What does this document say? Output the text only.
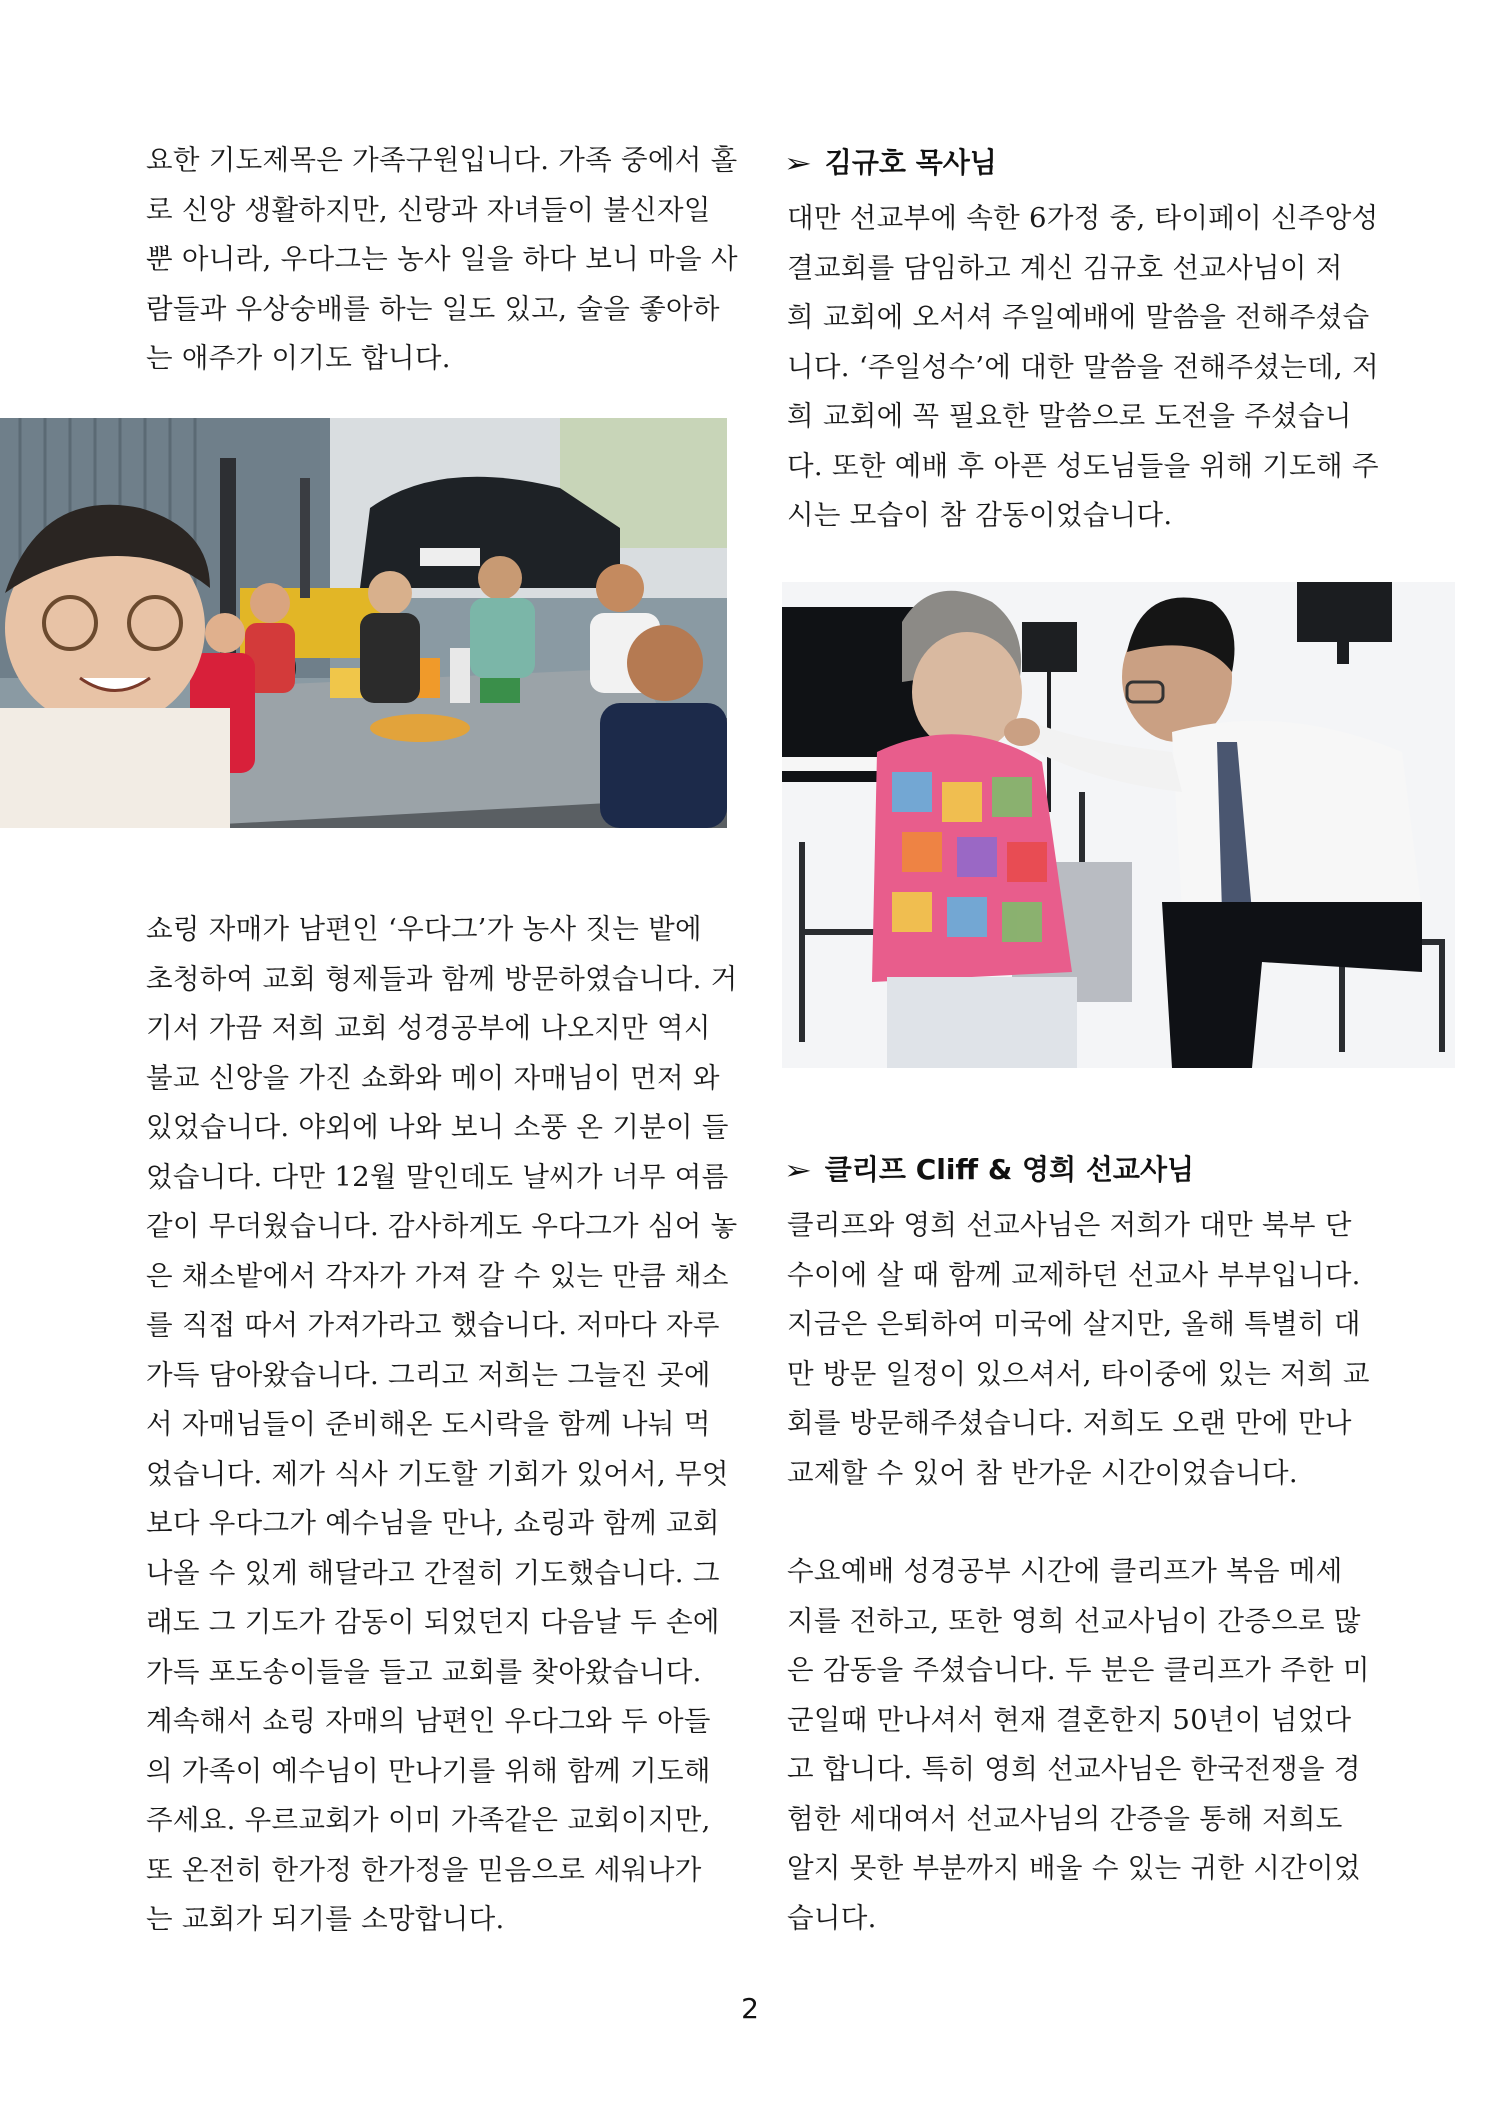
요한 기도제목은 가족구원입니다. 가족 중에서 홀

로 신앙 생활하지만, 신랑과 자녀들이 불신자일

뿐 아니라, 우다그는 농사 일을 하다 보니 마을 사

람들과 우상숭배를 하는 일도 있고, 술을 좋아하

는 애주가 이기도 합니다.

쇼링 자매가 남편인 ‘우다그’가 농사 짓는 밭에

초청하여 교회 형제들과 함께 방문하였습니다. 거

기서 가끔 저희 교회 성경공부에 나오지만 역시

불교 신앙을 가진 쇼화와 메이 자매님이 먼저 와

있었습니다. 야외에 나와 보니 소풍 온 기분이 들

었습니다. 다만 12월 말인데도 날씨가 너무 여름

같이 무더웠습니다. 감사하게도 우다그가 심어 놓

은 채소밭에서 각자가 가져 갈 수 있는 만큼 채소

를 직접 따서 가져가라고 했습니다. 저마다 자루

가득 담아왔습니다. 그리고 저희는 그늘진 곳에

서 자매님들이 준비해온 도시락을 함께 나눠 먹

었습니다. 제가 식사 기도할 기회가 있어서, 무엇

보다 우다그가 예수님을 만나, 쇼링과 함께 교회

나올 수 있게 해달라고 간절히 기도했습니다. 그

래도 그 기도가 감동이 되었던지 다음날 두 손에

가득 포도송이들을 들고 교회를 찾아왔습니다.

계속해서 쇼링 자매의 남편인 우다그와 두 아들

의 가족이 예수님이 만나기를 위해 함께 기도해

주세요. 우르교회가 이미 가족같은 교회이지만,

또 온전히 한가정 한가정을 믿음으로 세워나가

는 교회가 되기를 소망합니다.

➢ 김규호 목사님

대만 선교부에 속한 6가정 중, 타이페이 신주앙성

결교회를 담임하고 계신 김규호 선교사님이 저

희 교회에 오서셔 주일예배에 말씀을 전해주셨습

니다. ‘주일성수’에 대한 말씀을 전해주셨는데, 저

희 교회에 꼭 필요한 말씀으로 도전을 주셨습니

다. 또한 예배 후 아픈 성도님들을 위해 기도해 주

시는 모습이 참 감동이었습니다.

➢ 클리프 Cliff & 영희 선교사님

클리프와 영희 선교사님은 저희가 대만 북부 단

수이에 살 때 함께 교제하던 선교사 부부입니다.

지금은 은퇴하여 미국에 살지만, 올해 특별히 대

만 방문 일정이 있으셔서, 타이중에 있는 저희 교

회를 방문해주셨습니다. 저희도 오랜 만에 만나

교제할 수 있어 참 반가운 시간이었습니다.

수요예배 성경공부 시간에 클리프가 복음 메세

지를 전하고, 또한 영희 선교사님이 간증으로 많

은 감동을 주셨습니다. 두 분은 클리프가 주한 미

군일때 만나셔서 현재 결혼한지 50년이 넘었다

고 합니다. 특히 영희 선교사님은 한국전쟁을 경

험한 세대여서 선교사님의 간증을 통해 저희도

알지 못한 부분까지 배울 수 있는 귀한 시간이었

습니다.

2
